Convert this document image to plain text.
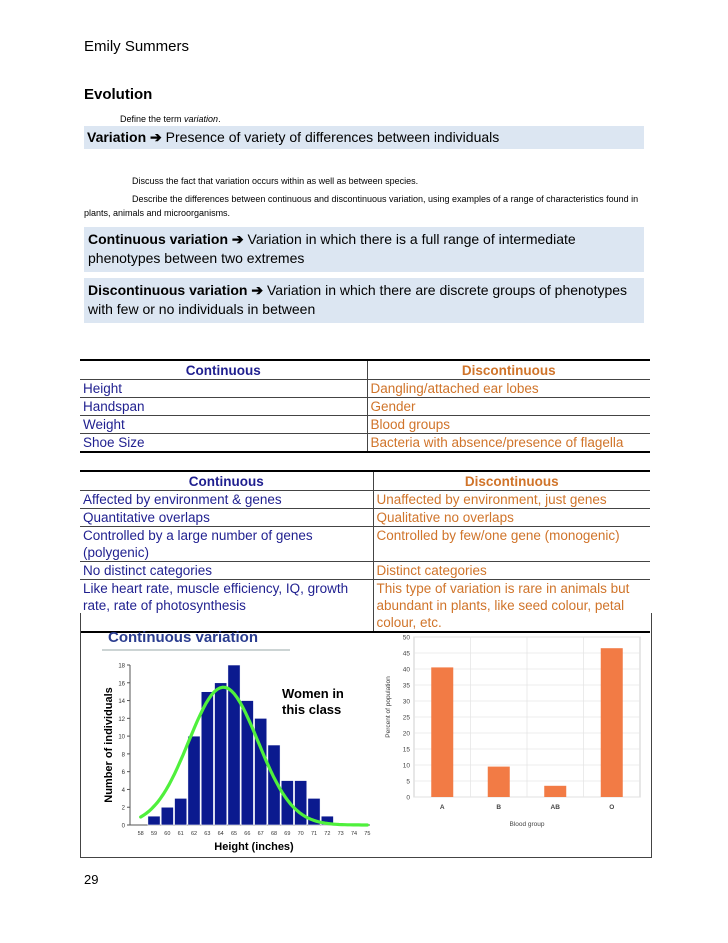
Emily Summers
Evolution
Define the term variation.
Variation ➔ Presence of variety of differences between individuals
Discuss the fact that variation occurs within as well as between species.
Describe the differences between continuous and discontinuous variation, using examples of a range of characteristics found in plants, animals and microorganisms.
Continuous variation ➔ Variation in which there is a full range of intermediate phenotypes between two extremes
Discontinuous variation ➔ Variation in which there are discrete groups of phenotypes with few or no individuals in between
Continuous	Discontinuous
Height	Dangling/attached ear lobes
Handspan	Gender
Weight	Blood groups
Shoe Size	Bacteria with absence/presence of flagella
Continuous	Discontinuous
Affected by environment & genes	Unaffected by environment, just genes
Quantitative overlaps	Qualitative no overlaps
Controlled by a large number of genes (polygenic)	Controlled by few/one gene (monogenic)
No distinct categories	Distinct categories
Like heart rate, muscle efficiency, IQ, growth rate, rate of photosynthesis	This type of variation is rare in animals but abundant in plants, like seed colour, petal colour, etc.
Continuous variation
0
2
4
6
8
10
12
14
16
18
58 59 60 61 62 63 64 65 66 67 68 69 70 71 72 73 74 75
Women in
this class
Height (inches)
Number of individuals	0
5
10
15
20
25
30
35
40
45
50
A	B	AB	O
Blood group
Percent of population
29
